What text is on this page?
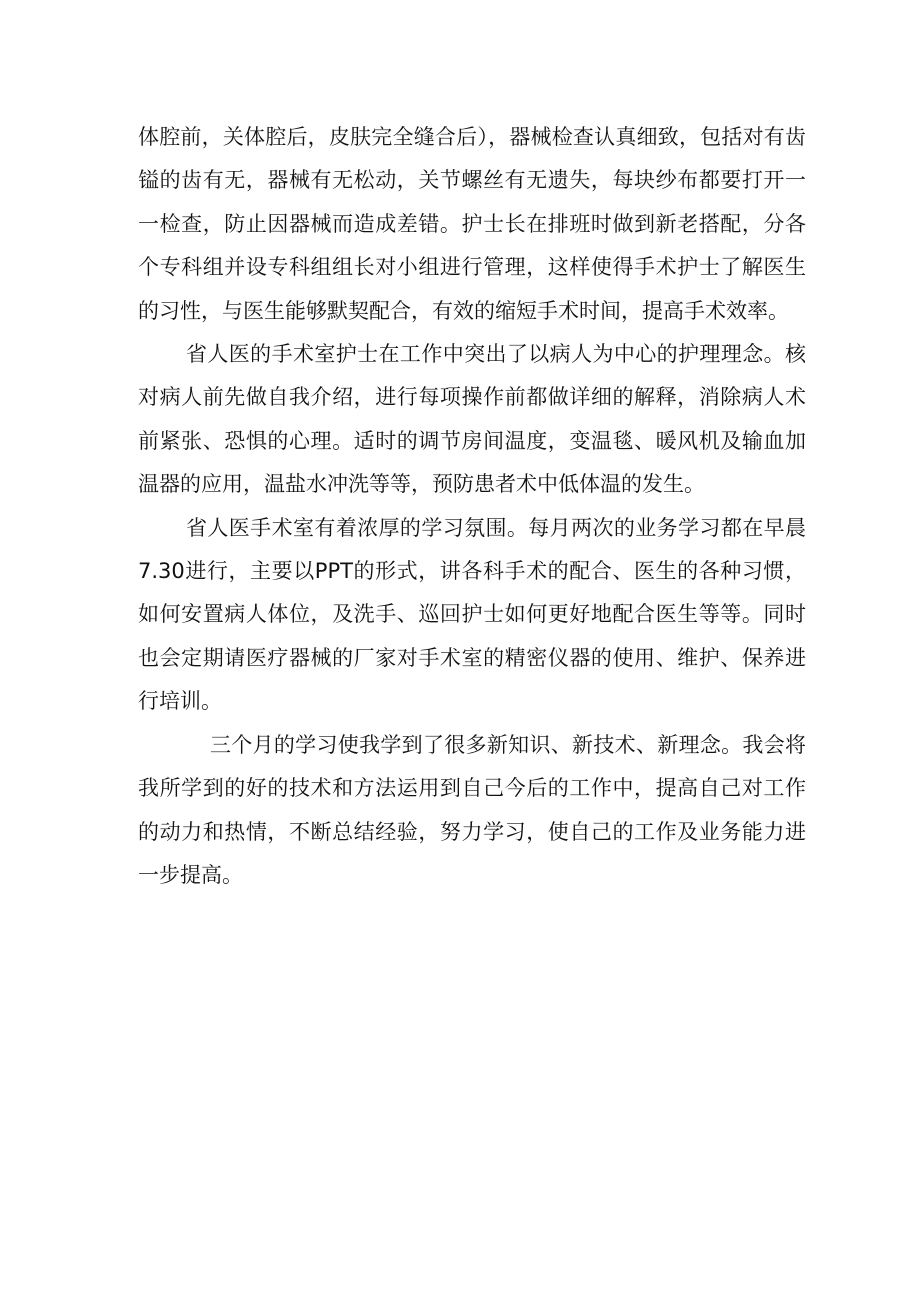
体腔前，关体腔后，皮肤完全缝合后），器械检查认真细致，包括对有齿镒的齿有无，器械有无松动，关节螺丝有无遗失，每块纱布都要打开一一检查，防止因器械而造成差错。护士长在排班时做到新老搭配，分各个专科组并设专科组组长对小组进行管理，这样使得手术护士了解医生的习性，与医生能够默契配合，有效的缩短手术时间，提高手术效率。

省人医的手术室护士在工作中突出了以病人为中心的护理理念。核对病人前先做自我介绍，进行每项操作前都做详细的解释，消除病人术前紧张、恐惧的心理。适时的调节房间温度，变温毯、暖风机及输血加温器的应用，温盐水冲洗等等，预防患者术中低体温的发生。

省人医手术室有着浓厚的学习氛围。每月两次的业务学习都在早晨7.30进行，主要以PPT的形式，讲各科手术的配合、医生的各种习惯，如何安置病人体位，及洗手、巡回护士如何更好地配合医生等等。同时也会定期请医疗器械的厂家对手术室的精密仪器的使用、维护、保养进行培训。

三个月的学习使我学到了很多新知识、新技术、新理念。我会将我所学到的好的技术和方法运用到自己今后的工作中，提高自己对工作的动力和热情，不断总结经验，努力学习，使自己的工作及业务能力进一步提高。
